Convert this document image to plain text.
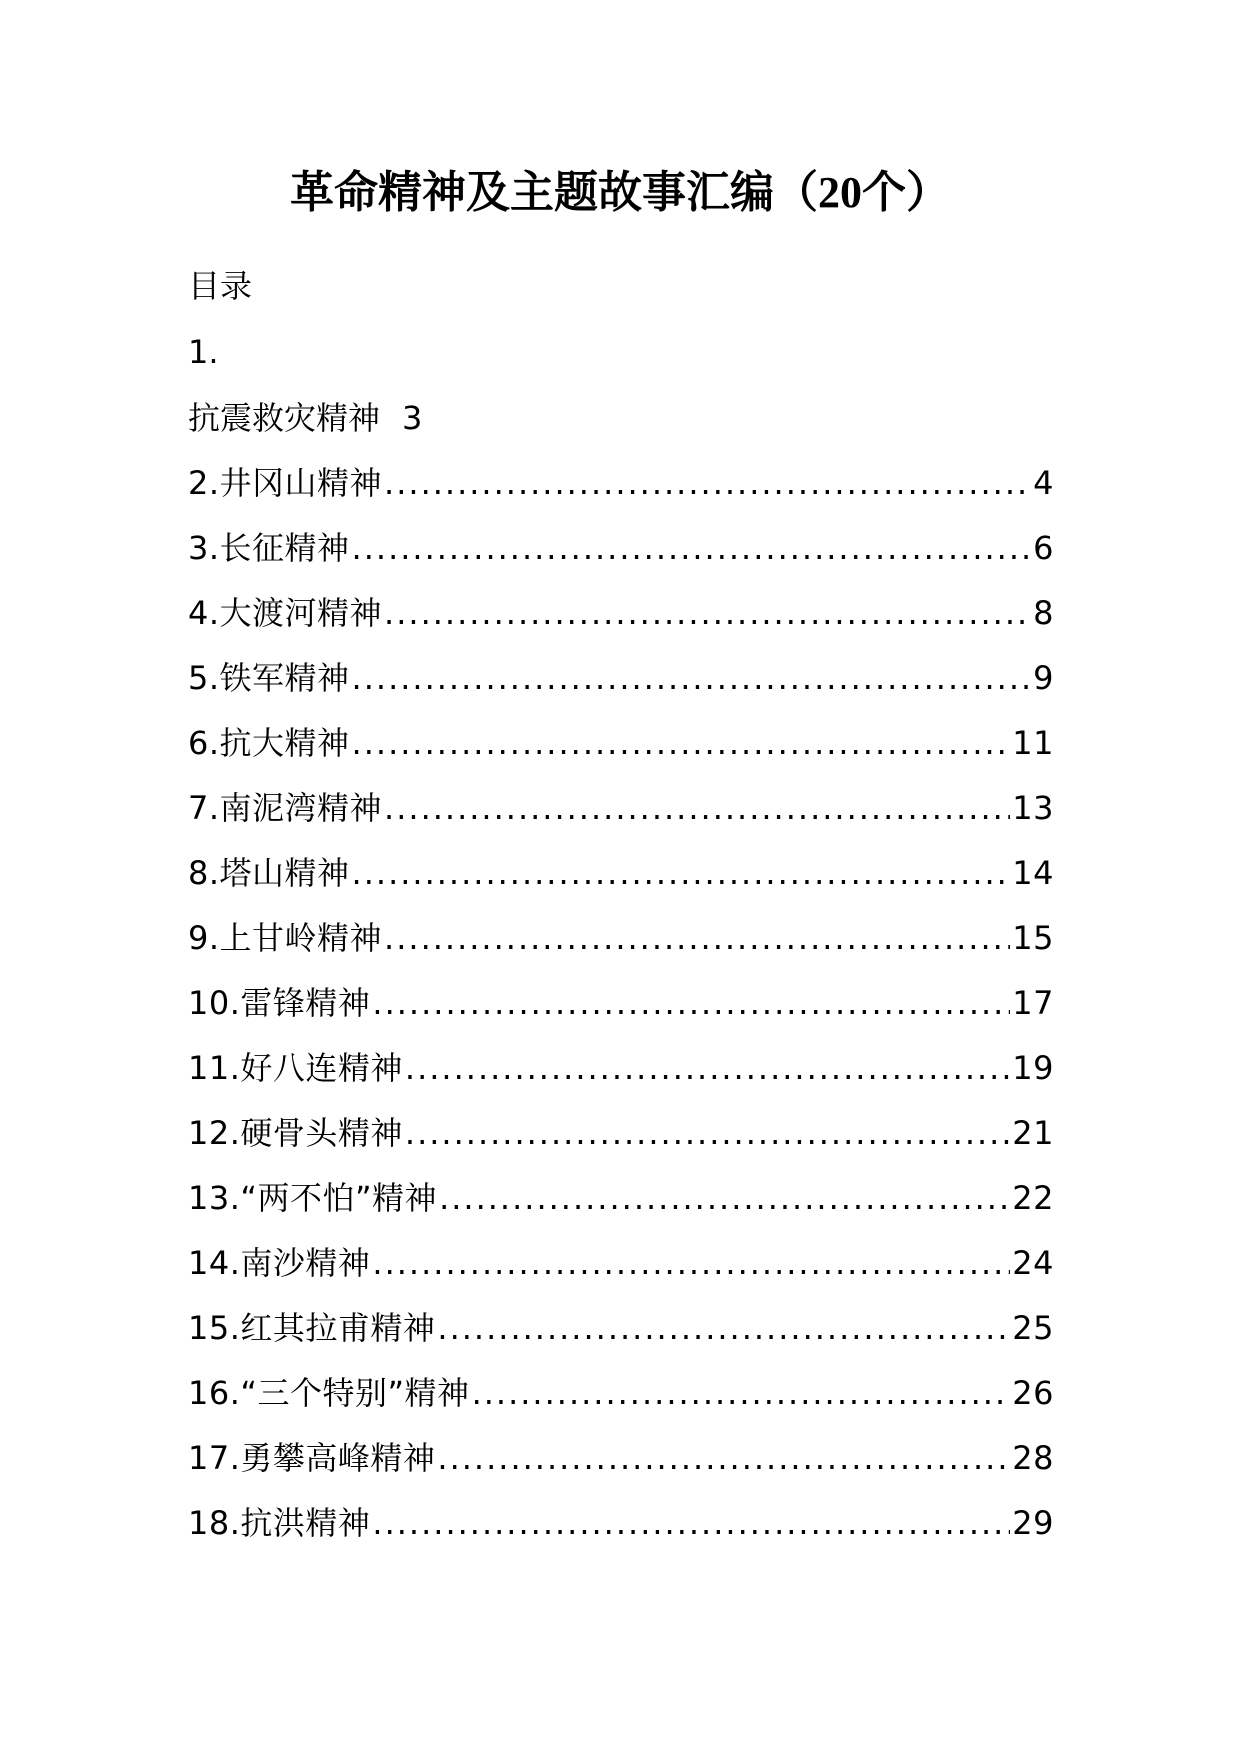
革命精神及主题故事汇编（20个）
目录
1.
抗震救灾精神 3
2.井冈山精神 .....	4
3.长征精神 .....	6
4.大渡河精神 .....	8
5.铁军精神 .....	9
6.抗大精神 .....	11
7.南泥湾精神 .....	13
8.塔山精神 .....	14
9.上甘岭精神 .....	15
10.雷锋精神 .....	17
11.好八连精神 .....	19
12.硬骨头精神 .....	21
13.“两不怕”精神 .....	22
14.南沙精神 .....	24
15.红其拉甫精神 .....	25
16.“三个特别”精神 .....	26
17.勇攀高峰精神 .....	28
18.抗洪精神 .....	29
